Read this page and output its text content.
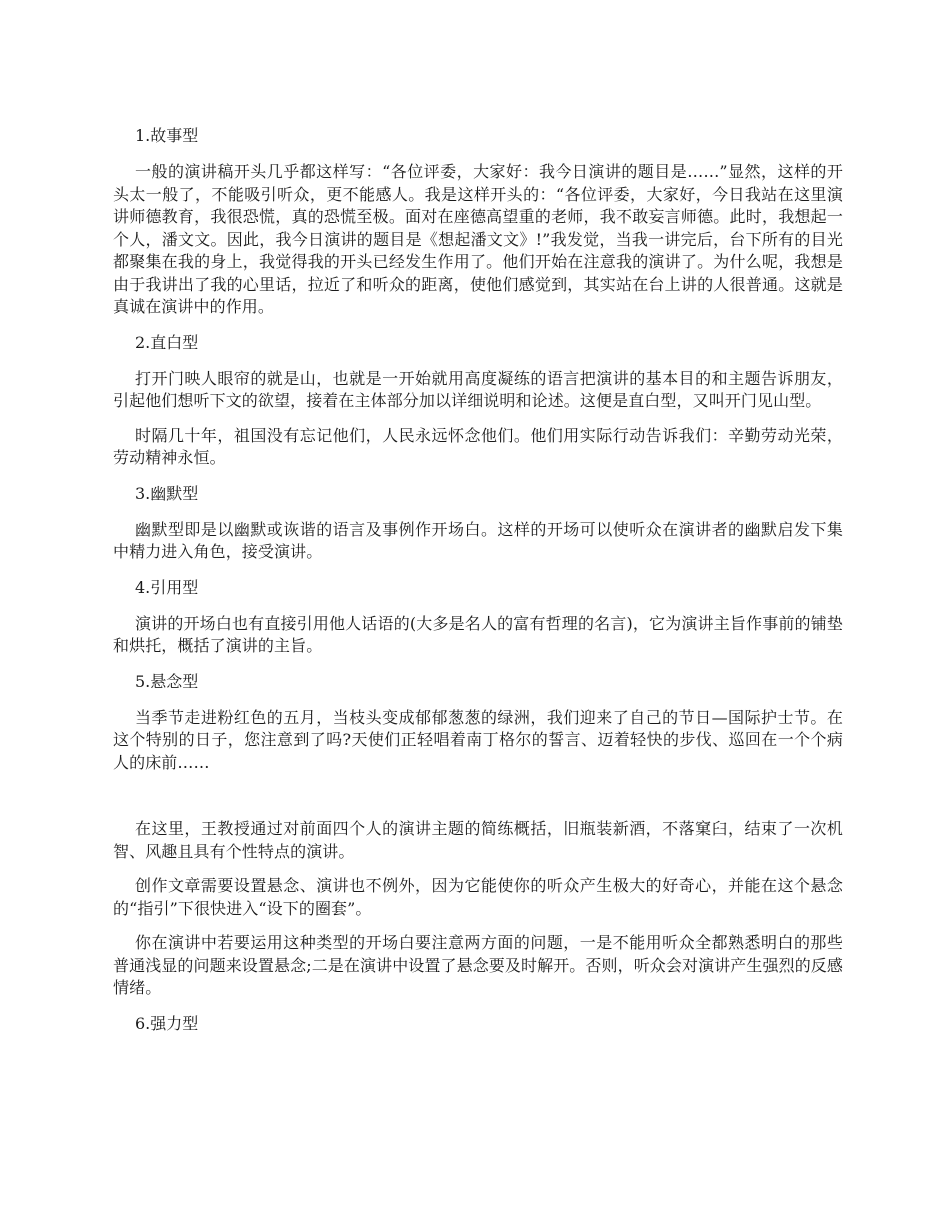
1.故事型

一般的演讲稿开头几乎都这样写：“各位评委，大家好：我今日演讲的题目是……”显然，这样的开头太一般了，不能吸引听众，更不能感人。我是这样开头的：“各位评委，大家好，今日我站在这里演讲师德教育，我很恐慌，真的恐慌至极。面对在座德高望重的老师，我不敢妄言师德。此时，我想起一个人，潘文文。因此，我今日演讲的题目是《想起潘文文》!”我发觉，当我一讲完后，台下所有的目光都聚集在我的身上，我觉得我的开头已经发生作用了。他们开始在注意我的演讲了。为什么呢，我想是由于我讲出了我的心里话，拉近了和听众的距离，使他们感觉到，其实站在台上讲的人很普通。这就是真诚在演讲中的作用。

2.直白型

打开门映人眼帘的就是山，也就是一开始就用高度凝练的语言把演讲的基本目的和主题告诉朋友，引起他们想听下文的欲望，接着在主体部分加以详细说明和论述。这便是直白型，又叫开门见山型。

时隔几十年，祖国没有忘记他们，人民永远怀念他们。他们用实际行动告诉我们：辛勤劳动光荣，劳动精神永恒。

3.幽默型

幽默型即是以幽默或诙谐的语言及事例作开场白。这样的开场可以使听众在演讲者的幽默启发下集中精力进入角色，接受演讲。

4.引用型

演讲的开场白也有直接引用他人话语的(大多是名人的富有哲理的名言)，它为演讲主旨作事前的铺垫和烘托，概括了演讲的主旨。

5.悬念型

当季节走进粉红色的五月，当枝头变成郁郁葱葱的绿洲，我们迎来了自己的节日—国际护士节。在这个特别的日子，您注意到了吗?天使们正轻唱着南丁格尔的誓言、迈着轻快的步伐、巡回在一个个病人的床前……

在这里，王教授通过对前面四个人的演讲主题的简练概括，旧瓶装新酒，不落窠臼，结束了一次机智、风趣且具有个性特点的演讲。

创作文章需要设置悬念、演讲也不例外，因为它能使你的听众产生极大的好奇心，并能在这个悬念的“指引”下很快进入“设下的圈套”。

你在演讲中若要运用这种类型的开场白要注意两方面的问题，一是不能用听众全都熟悉明白的那些普通浅显的问题来设置悬念;二是在演讲中设置了悬念要及时解开。否则，听众会对演讲产生强烈的反感情绪。

6.强力型
